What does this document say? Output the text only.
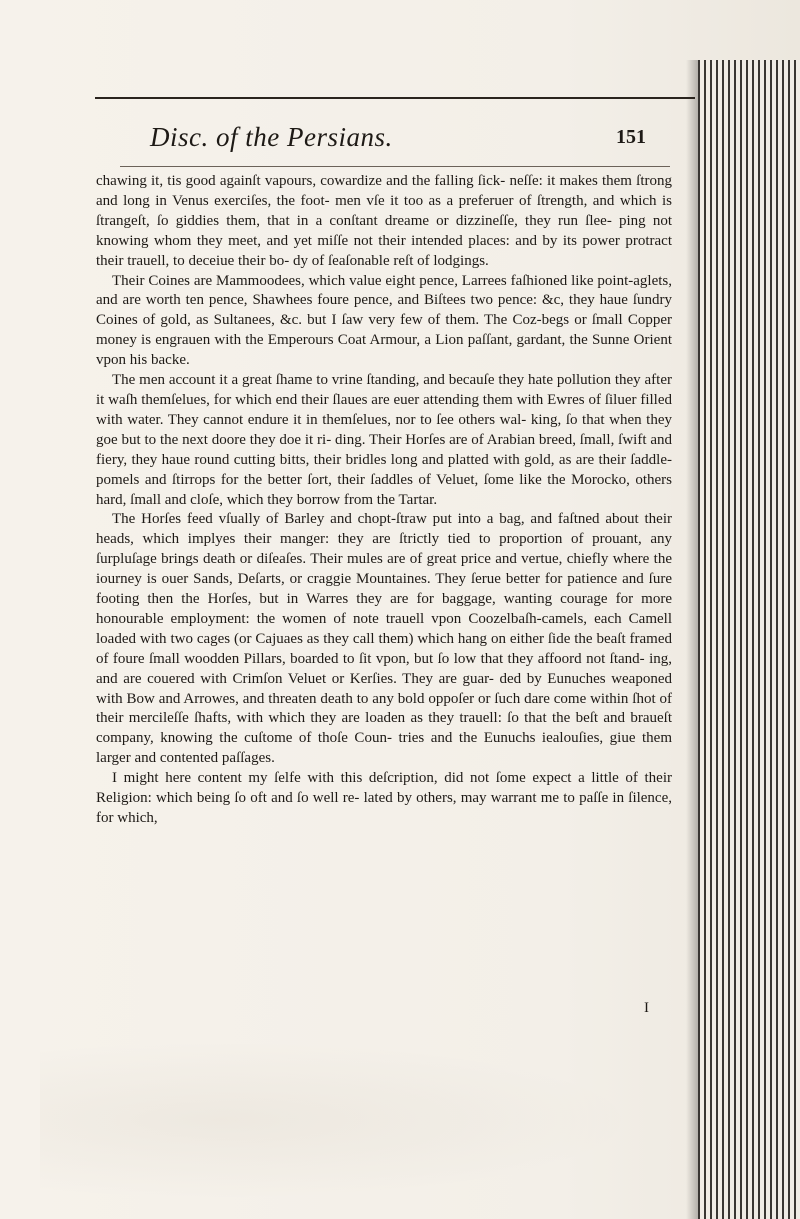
Disc. of the Persians.	151

chawing it, tis good againſt vapours, cowardize and the falling ſick- neſſe: it makes them ſtrong and long in Venus exerciſes, the foot- men vſe it too as a preferuer of ſtrength, and which is ſtrangeſt, ſo giddies them, that in a conſtant dreame or dizzineſſe, they run ſlee- ping not knowing whom they meet, and yet miſſe not their intended places: and by its power protract their trauell, to deceiue their bo- dy of ſeaſonable reſt of lodgings.

Their Coines are Mammoodees, which value eight pence, Larrees faſhioned like point-aglets, and are worth ten pence, Shawhees foure pence, and Biſtees two pence: &c, they haue ſundry Coines of gold, as Sultanees, &c. but I ſaw very few of them. The Coz-begs or ſmall Copper money is engrauen with the Emperours Coat Armour, a Lion paſſant, gardant, the Sunne Orient vpon his backe.

The men account it a great ſhame to vrine ſtanding, and becauſe they hate pollution they after it waſh themſelues, for which end their ſlaues are euer attending them with Ewres of ſiluer filled with water. They cannot endure it in themſelues, nor to ſee others wal- king, ſo that when they goe but to the next doore they doe it ri- ding. Their Horſes are of Arabian breed, ſmall, ſwift and fiery, they haue round cutting bitts, their bridles long and platted with gold, as are their ſaddle-pomels and ſtirrops for the better ſort, their ſaddles of Veluet, ſome like the Morocko, others hard, ſmall and cloſe, which they borrow from the Tartar.

The Horſes feed vſually of Barley and chopt-ſtraw put into a bag, and faſtned about their heads, which implyes their manger: they are ſtrictly tied to proportion of prouant, any ſurpluſage brings death or diſeaſes. Their mules are of great price and vertue, chiefly where the iourney is ouer Sands, Deſarts, or craggie Mountaines. They ſerue better for patience and ſure footing then the Horſes, but in Warres they are for baggage, wanting courage for more honourable employment: the women of note trauell vpon Coozelbaſh-camels, each Camell loaded with two cages (or Cajuaes as they call them) which hang on either ſide the beaſt framed of foure ſmall woodden Pillars, boarded to ſit vpon, but ſo low that they affoord not ſtand- ing, and are couered with Crimſon Veluet or Kerſies. They are guar- ded by Eunuches weaponed with Bow and Arrowes, and threaten death to any bold oppoſer or ſuch dare come within ſhot of their mercileſſe ſhafts, with which they are loaden as they trauell: ſo that the beſt and braueſt company, knowing the cuſtome of thoſe Coun- tries and the Eunuchs iealouſies, giue them larger and contented paſſages.

I might here content my ſelfe with this deſcription, did not ſome expect a little of their Religion: which being ſo oft and ſo well re- lated by others, may warrant me to paſſe in ſilence, for which,

I
